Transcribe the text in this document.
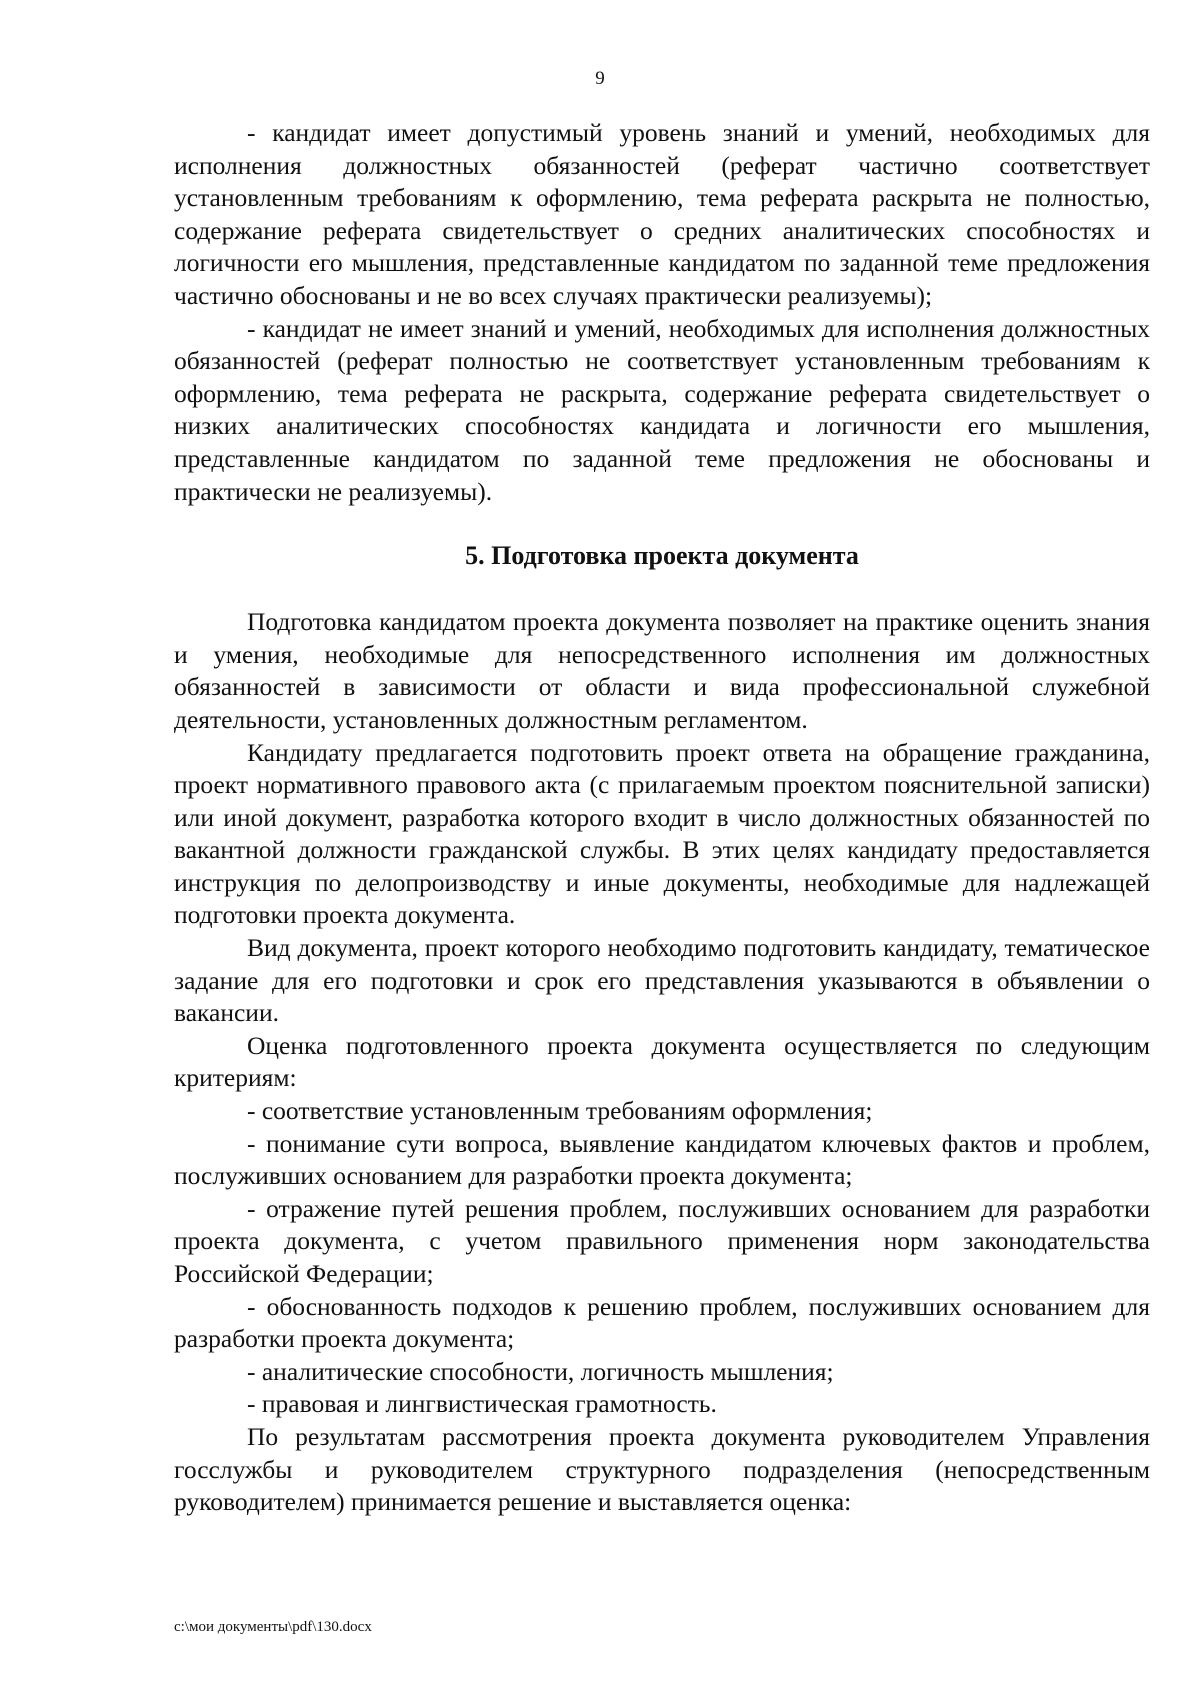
9

- кандидат имеет допустимый уровень знаний и умений, необходимых для исполнения должностных обязанностей (реферат частично соответствует установленным требованиям к оформлению, тема реферата раскрыта не полностью, содержание реферата свидетельствует о средних аналитических способностях и логичности его мышления, представленные кандидатом по заданной теме предложения частично обоснованы и не во всех случаях практически реализуемы);

- кандидат не имеет знаний и умений, необходимых для исполнения должностных обязанностей (реферат полностью не соответствует установленным требованиям к оформлению, тема реферата не раскрыта, содержание реферата свидетельствует о низких аналитических способностях кандидата и логичности его мышления, представленные кандидатом по заданной теме предложения не обоснованы и практически не реализуемы).

5. Подготовка проекта документа

Подготовка кандидатом проекта документа позволяет на практике оценить знания и умения, необходимые для непосредственного исполнения им должностных обязанностей в зависимости от области и вида профессиональной служебной деятельности, установленных должностным регламентом.

Кандидату предлагается подготовить проект ответа на обращение гражданина, проект нормативного правового акта (с прилагаемым проектом пояснительной записки) или иной документ, разработка которого входит в число должностных обязанностей по вакантной должности гражданской службы. В этих целях кандидату предоставляется инструкция по делопроизводству и иные документы, необходимые для надлежащей подготовки проекта документа.

Вид документа, проект которого необходимо подготовить кандидату, тематическое задание для его подготовки и срок его представления указываются в объявлении о вакансии.

Оценка подготовленного проекта документа осуществляется по следующим критериям:

- соответствие установленным требованиям оформления;

- понимание сути вопроса, выявление кандидатом ключевых фактов и проблем, послуживших основанием для разработки проекта документа;

- отражение путей решения проблем, послуживших основанием для разработки проекта документа, с учетом правильного применения норм законодательства Российской Федерации;

- обоснованность подходов к решению проблем, послуживших основанием для разработки проекта документа;

- аналитические способности, логичность мышления;

- правовая и лингвистическая грамотность.

По результатам рассмотрения проекта документа руководителем Управления госслужбы и руководителем структурного подразделения (непосредственным руководителем) принимается решение и выставляется оценка:

c:\мои документы\pdf\130.docx
